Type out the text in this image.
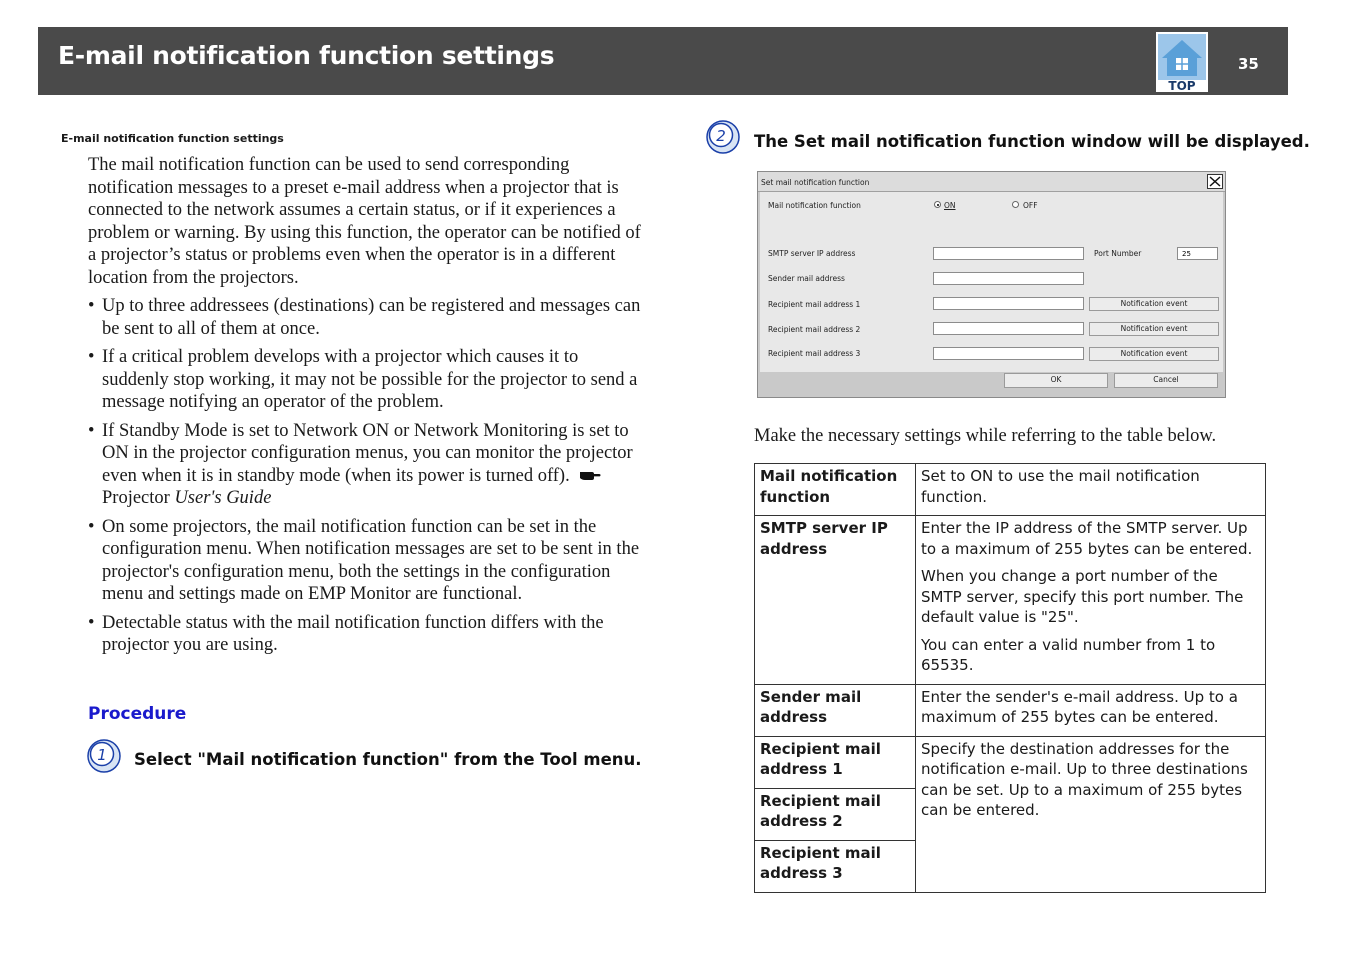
E-mail notification function settings
TOP
35
E-mail notification function settings

The mail notification function can be used to send corresponding notification messages to a preset e-mail address when a projector that is connected to the network assumes a certain status, or if it experiences a problem or warning. By using this function, the operator can be notified of a projector’s status or problems even when the operator is in a different location from the projectors.

• Up to three addressees (destinations) can be registered and messages can be sent to all of them at once.
• If a critical problem develops with a projector which causes it to suddenly stop working, it may not be possible for the projector to send a message notifying an operator of the problem.
• If Standby Mode is set to Network ON or Network Monitoring is set to ON in the projector configuration menus, you can monitor the projector even when it is in standby mode (when its power is turned off).   Projector User's Guide
• On some projectors, the mail notification function can be set in the configuration menu. When notification messages are set to be sent in the projector's configuration menu, both the settings in the configuration menu and settings made on EMP Monitor are functional.
• Detectable status with the mail notification function differs with the projector you are using.
Procedure
1 Select "Mail notification function" from the Tool menu.
2 The Set mail notification function window will be displayed.
Set mail notification function
Mail notification function	ON	OFF
SMTP server IP address	Port Number
25
Sender mail address
Recipient mail address 1	Notification event
Recipient mail address 2	Notification event
Recipient mail address 3	Notification event
OK	Cancel
Make the necessary settings while referring to the table below.
Mail notification function	Set to ON to use the mail notification function.

SMTP server IP address	Enter the IP address of the SMTP server. Up to a maximum of 255 bytes can be entered.

When you change a port number of the SMTP server, specify this port number. The default value is "25".

You can enter a valid number from 1 to 65535.

Sender mail address	Enter the sender's e-mail address. Up to a maximum of 255 bytes can be entered.

Recipient mail address 1	Specify the destination addresses for the notification e-mail. Up to three destinations can be set. Up to a maximum of 255 bytes can be entered.

Recipient mail address 2	
Recipient mail address 3	
